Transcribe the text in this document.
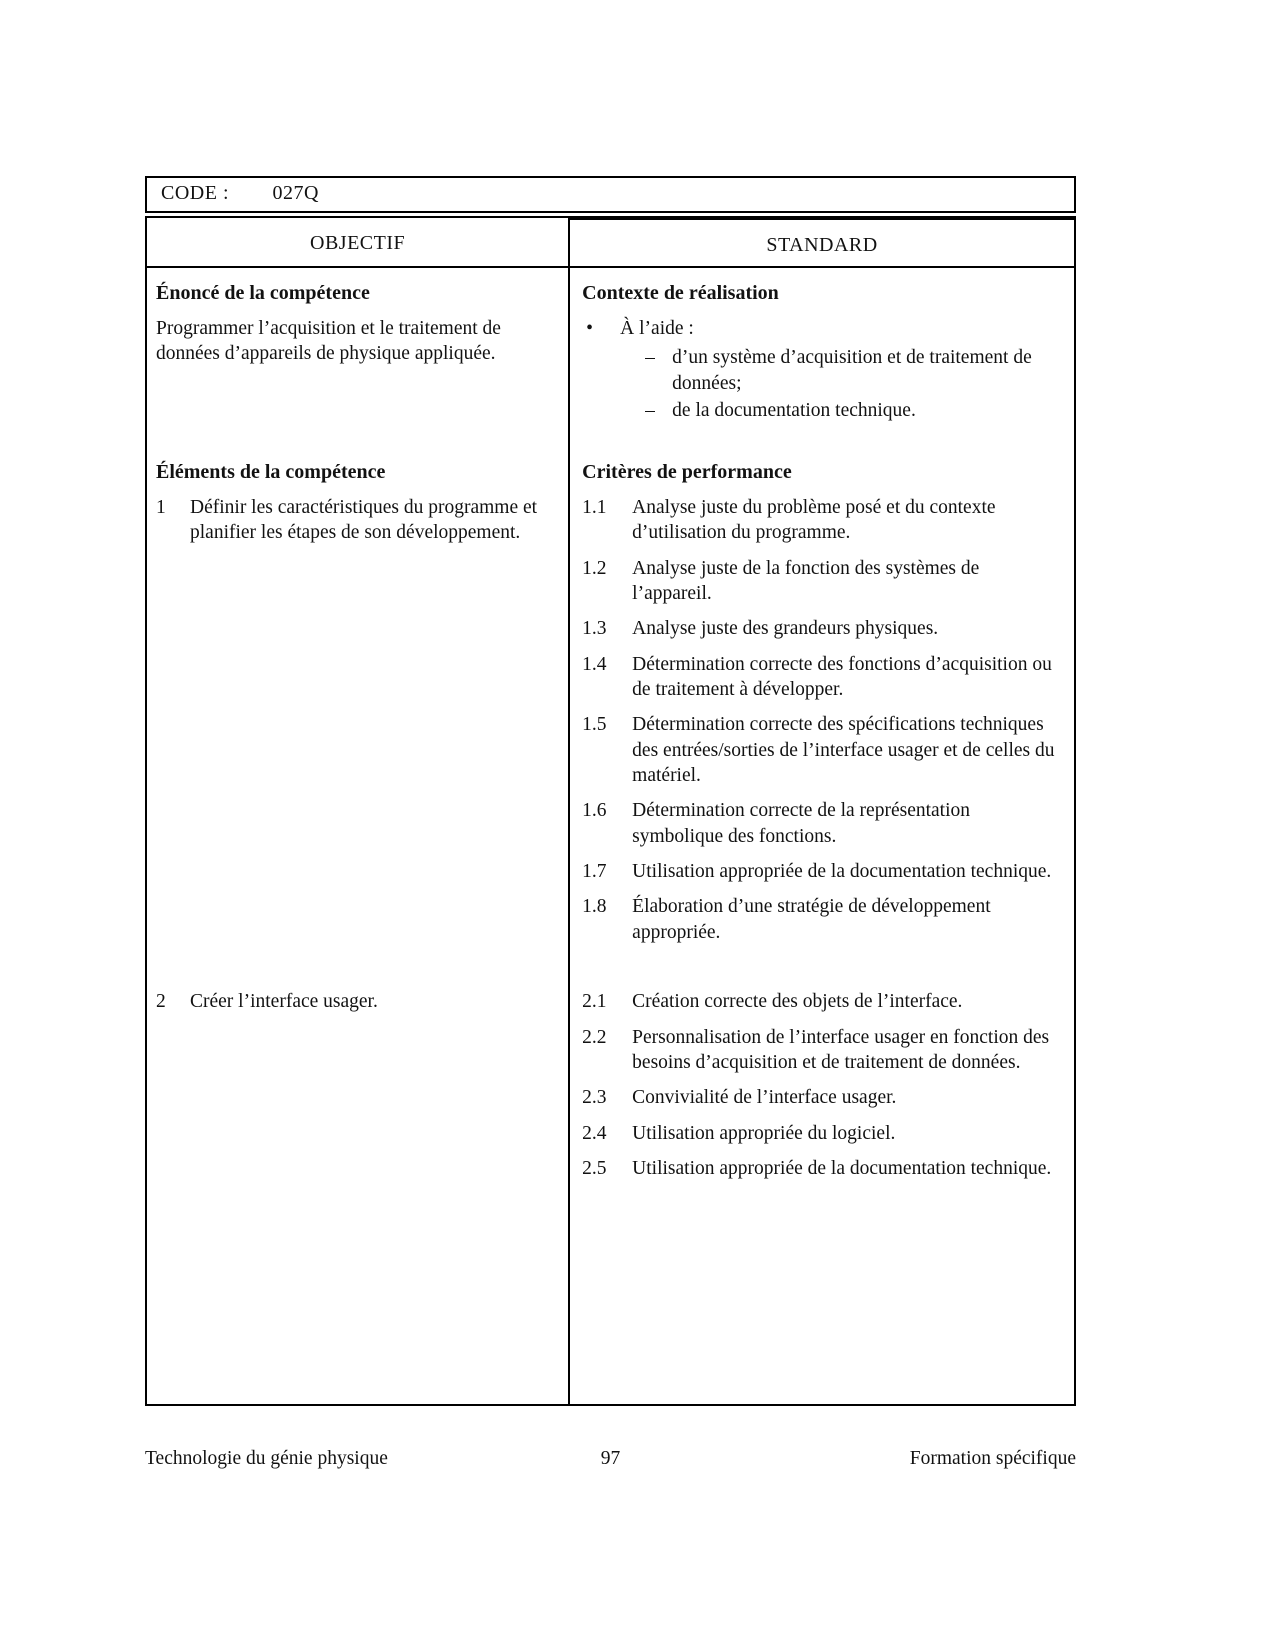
CODE : 027Q
OBJECTIF	STANDARD
Énoncé de la compétence
Programmer l’acquisition et le traitement de données d’appareils de physique appliquée.
Contexte de réalisation
•	À l’aide :
– d’un système d’acquisition et de traitement de données;
– de la documentation technique.
Éléments de la compétence
1	Définir les caractéristiques du programme et planifier les étapes de son développement.
Critères de performance
1.1	Analyse juste du problème posé et du contexte d’utilisation du programme.
1.2	Analyse juste de la fonction des systèmes de l’appareil.
1.3	Analyse juste des grandeurs physiques.
1.4	Détermination correcte des fonctions d’acquisition ou de traitement à développer.
1.5	Détermination correcte des spécifications techniques des entrées/sorties de l’interface usager et de celles du matériel.
1.6	Détermination correcte de la représentation symbolique des fonctions.
1.7	Utilisation appropriée de la documentation technique.
1.8	Élaboration d’une stratégie de développement appropriée.
2	Créer l’interface usager.	2.1	Création correcte des objets de l’interface.
2.2	Personnalisation de l’interface usager en fonction des besoins d’acquisition et de traitement de données.
2.3	Convivialité de l’interface usager.
2.4	Utilisation appropriée du logiciel.
2.5	Utilisation appropriée de la documentation technique.
97
Technologie du génie physique	Formation spécifique
